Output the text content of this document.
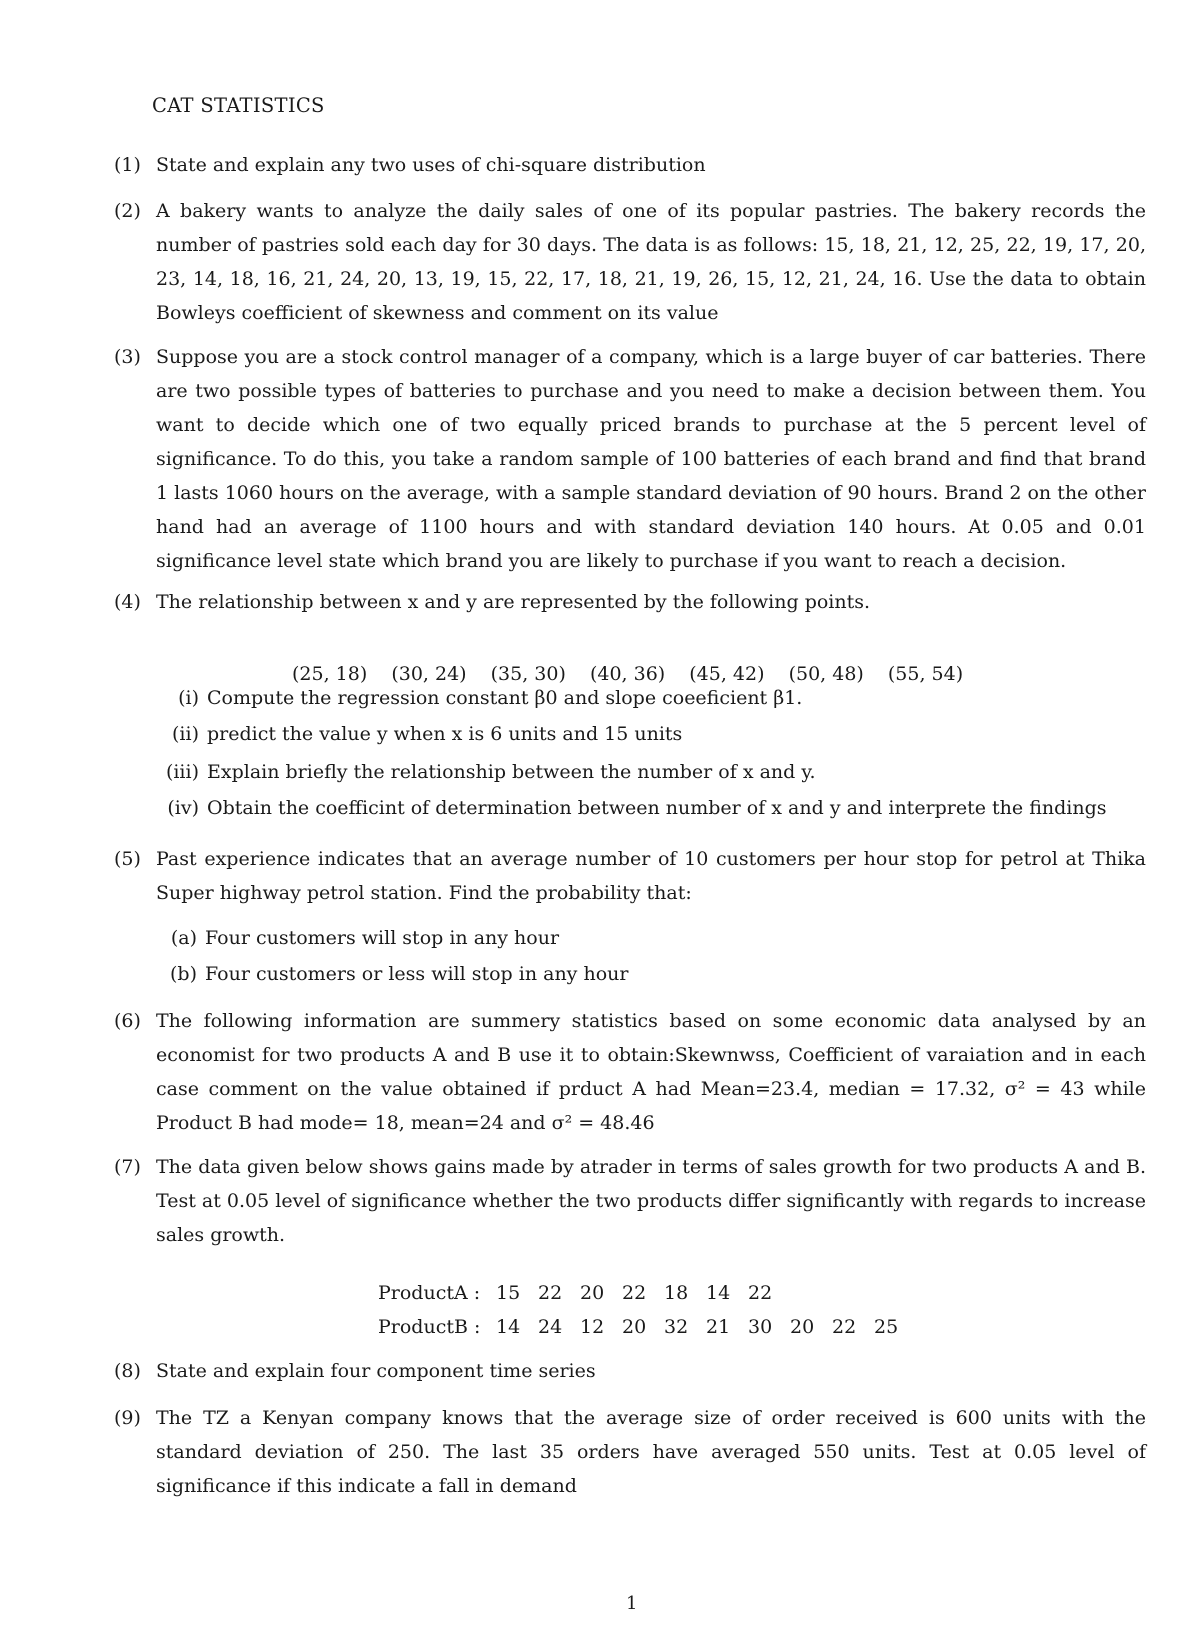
CAT STATISTICS
(1) State and explain any two uses of chi-square distribution
(2) A bakery wants to analyze the daily sales of one of its popular pastries. The bakery records the number of pastries sold each day for 30 days. The data is as follows: 15, 18, 21, 12, 25, 22, 19, 17, 20, 23, 14, 18, 16, 21, 24, 20, 13, 19, 15, 22, 17, 18, 21, 19, 26, 15, 12, 21, 24, 16. Use the data to obtain Bowleys coefficient of skewness and comment on its value
(3) Suppose you are a stock control manager of a company, which is a large buyer of car batteries. There are two possible types of batteries to purchase and you need to make a decision between them. You want to decide which one of two equally priced brands to purchase at the 5 percent level of significance. To do this, you take a random sample of 100 batteries of each brand and find that brand 1 lasts 1060 hours on the average, with a sample standard deviation of 90 hours. Brand 2 on the other hand had an average of 1100 hours and with standard deviation 140 hours. At 0.05 and 0.01 significance level state which brand you are likely to purchase if you want to reach a decision.
(4) The relationship between x and y are represented by the following points.
(25, 18) (30, 24) (35, 30) (40, 36) (45, 42) (50, 48) (55, 54)
(i) Compute the regression constant β0 and slope coeeficient β1.
(ii) predict the value y when x is 6 units and 15 units
(iii) Explain briefly the relationship between the number of x and y.
(iv) Obtain the coefficint of determination between number of x and y and interprete the findings
(5) Past experience indicates that an average number of 10 customers per hour stop for petrol at Thika Super highway petrol station. Find the probability that:
(a) Four customers will stop in any hour
(b) Four customers or less will stop in any hour
(6) The following information are summery statistics based on some economic data analysed by an economist for two products A and B use it to obtain:Skewnwss, Coefficient of varaiation and in each case comment on the value obtained if prduct A had Mean=23.4, median = 17.32, σ² = 43 while Product B had mode= 18, mean=24 and σ² = 48.46
(7) The data given below shows gains made by atrader in terms of sales growth for two products A and B. Test at 0.05 level of significance whether the two products differ significantly with regards to increase sales growth.
ProductA : 15 22 20 22 18 14 22
ProductB : 14 24 12 20 32 21 30 20 22 25
(8) State and explain four component time series
(9) The TZ a Kenyan company knows that the average size of order received is 600 units with the standard deviation of 250. The last 35 orders have averaged 550 units. Test at 0.05 level of significance if this indicate a fall in demand
1
